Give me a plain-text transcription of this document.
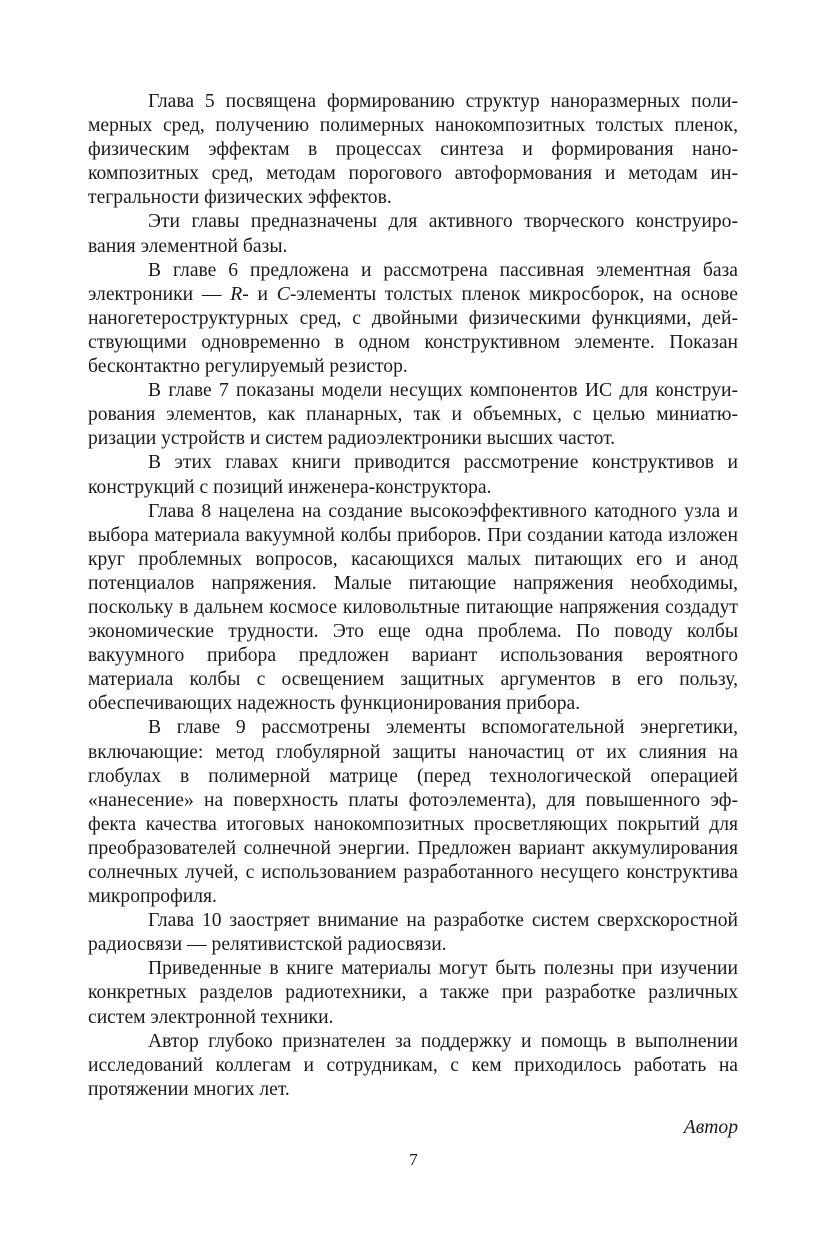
Глава 5 посвящена формированию структур наноразмерных полимерных сред, получению полимерных нанокомпозитных толстых пленок, физическим эффектам в процессах синтеза и формирования нанокомпозитных сред, методам порогового автоформования и методам интегральности физических эффектов.

Эти главы предназначены для активного творческого конструирования элементной базы.

В главе 6 предложена и рассмотрена пассивная элементная база электроники — R- и C-элементы толстых пленок микросборок, на основе наногетероструктурных сред, с двойными физическими функциями, действующими одновременно в одном конструктивном элементе. Показан бесконтактно регулируемый резистор.

В главе 7 показаны модели несущих компонентов ИС для конструирования элементов, как планарных, так и объемных, с целью миниатюризации устройств и систем радиоэлектроники высших частот.

В этих главах книги приводится рассмотрение конструктивов и конструкций с позиций инженера-конструктора.

Глава 8 нацелена на создание высокоэффективного катодного узла и выбора материала вакуумной колбы приборов. При создании катода изложен круг проблемных вопросов, касающихся малых питающих его и анод потенциалов напряжения. Малые питающие напряжения необходимы, поскольку в дальнем космосе киловольтные питающие напряжения создадут экономические трудности. Это еще одна проблема. По поводу колбы вакуумного прибора предложен вариант использования вероятного материала колбы с освещением защитных аргументов в его пользу, обеспечивающих надежность функционирования прибора.

В главе 9 рассмотрены элементы вспомогательной энергетики, включающие: метод глобулярной защиты наночастиц от их слияния на глобулах в полимерной матрице (перед технологической операцией «нанесение» на поверхность платы фотоэлемента), для повышенного эффекта качества итоговых нанокомпозитных просветляющих покрытий для преобразователей солнечной энергии. Предложен вариант аккумулирования солнечных лучей, с использованием разработанного несущего конструктива микропрофиля.

Глава 10 заостряет внимание на разработке систем сверхскоростной радиосвязи — релятивистской радиосвязи.

Приведенные в книге материалы могут быть полезны при изучении конкретных разделов радиотехники, а также при разработке различных систем электронной техники.

Автор глубоко признателен за поддержку и помощь в выполнении исследований коллегам и сотрудникам, с кем приходилось работать на протяжении многих лет.

Автор

7
